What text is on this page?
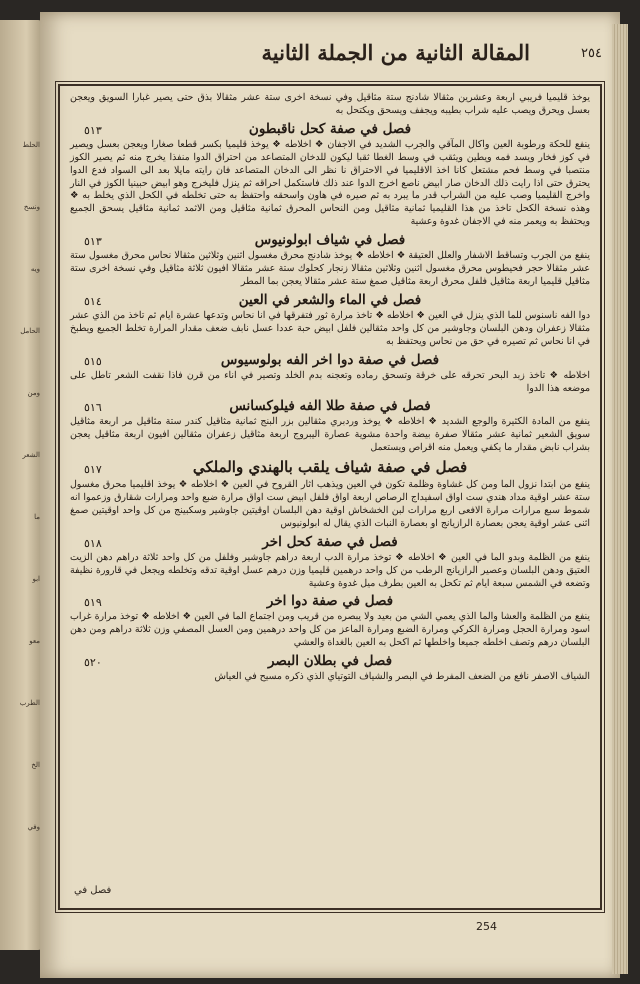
الحلط
ونسخ
ويه
الحامل
ومن
الشعر
ما
ابو
معو
الطرب
الخ
وفي
المقالة الثانية من الجملة الثانية	٢٥٤

يوخذ قليميا فريبي اربعة وعشرين مثقالا شادنج ستة مثاقيل وفي نسخة اخرى ستة عشر مثقالا بذق حتى يصير غبارا السويق ويعجن بعسل ويحرق ويصب عليه شراب بطيبه ويجفف ويسحق ويكتحل به

فصل في صفة كحل ناقبطون
٥١٣

ينفع للحكة ورطوبة العين واكال المآقي والجرب الشديد في الاجفان ❖ اخلاطه ❖ يوخذ قليميا بكسر قطعا صغارا ويعجن بعسل ويصير في كوز فخار ويسد فمه ويطين ويثقب في وسط الغطا ثقبا ليكون للدخان المتصاعد من احتراق الدوا منفذا يخرج منه ثم يصير الكوز منتصبا في وسط فحم مشتعل كانا اخذ الاقليميا في الاحتراق نا نظر الى الدخان المتصاعد فان رايته مايلا بعد الى السواد فدع الدوا يحترق حتى اذا رايت ذلك الدخان صار ابيض ناصع اخرج الدوا عند ذلك فاستكمل احراقه ثم ينزل فليخرج وهو ابيض حبينيا الكوز في النار واخرج القليميا وصب عليه من الشراب قدر ما يبرد به ثم صيره في هاون واسحقه واحتفظ به حتى تخلطه في الكحل الذي يخلط به ❖ وهذه نسخة الكحل تاخذ من هذا القليميا ثمانية مثاقيل ومن النحاس المحرق ثمانية مثاقيل ومن الاثمد ثمانية مثاقيل يسحق الجميع ويحتفظ به ويعمر منه في الاجفان غدوة وعشية

فصل في شياف ابولونيوس
٥١٣

ينفع من الجرب وتساقط الاشفار والعلل العتيقة ❖ اخلاطه ❖ يوخذ شادنج محرق مغسول اثنين وثلاثين مثقالا نحاس محرق مغسول ستة عشر مثقالا حجر فحيطوس محرق مغسول اثنين وثلاثين مثقالا زنجار كحلوك ستة عشر مثقالا افيون ثلاثة مثاقيل وفي نسخة اخرى ستة مثاقيل قليميا اربعة مثاقيل فلفل محرق اربعة مثاقيل صمغ ستة عشر مثقالا يعجن بما المطر

فصل في الماء والشعر في العين
٥١٤

دوا الفه ناسنوس للما الذي ينزل في العين ❖ اخلاطه ❖ تاخذ مرارة ثور فتفرقها في انا نحاس وتدعها عشرة ايام ثم تاخذ من الذي عشر مثقالا زعفران ودهن البلسان وجاوشير من كل واحد مثقالين فلفل ابيض حبة عددا عسل نابف ضعف مقدار المرارة تخلط الجميع ويطبخ في انا نحاس ثم تصيره في حق من نحاس ويحتفظ به

فصل في صفة دوا اخر الفه بولوسيوس
٥١٥

اخلاطه ❖ تاخذ زبد البحر تحرقه على خرقة وتسحق رماده وتعجنه بدم الخلد وتصير في اناء من قرن فاذا نقفت الشعر تاطل على موضعه هذا الدوا

فصل في صفة طلا الفه فيلوكسانس
٥١٦

ينفع من المادة الكثيرة والوجع الشديد ❖ اخلاطه ❖ يوخذ وردبري مثقالين بزر البنج ثمانية مثاقيل كندر ستة مثاقيل مر اربعة مثاقيل سويق الشعير ثمانية عشر مثقالا صفرة بيضة واحدة مشوية عصارة اليبروج اربعة مثاقيل زعفران مثقالين افيون اربعة مثاقيل يعجن بشراب نابض مقدار ما يكفي ويعمل منه اقراص ويستعمل

فصل في صفة شياف يلقب بالهندي والملكي
٥١٧

ينفع من ابتدا نزول الما ومن كل غشاوة وظلمة تكون في العين ويذهب اثار القروح في العين ❖ اخلاطه ❖ يوخذ اقليميا محرق مغسول ستة عشر اوقية مداد هندي ست اواق اسفيداج الرصاص اربعة اواق فلفل ابيض ست اواق مرارة ضبع واحد ومرارات شقارق وزعموا انه شموط سبع مرارات مرارة الافعى اربع مرارات لبن الخشخاش اوقية دهن البلسان اوقيتين جاوشير وسكبينج من كل واحد اوقيتين صمغ اثنى عشر اوقية يعجن بعصارة الرازيانج او بعصارة النبات الذي يقال له ابولونيوس

فصل في صفة كحل اخر
٥١٨

ينفع من الظلمة وبدو الما في العين ❖ اخلاطه ❖ توخذ مرارة الدب اربعة دراهم جاوشير وفلفل من كل واحد ثلاثة دراهم دهن الزيت العتيق ودهن البلسان وعصير الرازيانج الرطب من كل واحد درهمين قليميا وزن درهم عسل اوقية تدقه وتخلطه ويجعل في قارورة نظيفة وتضعه في الشمس سبعة ايام ثم تكحل به العين بطرف ميل غدوة وعشية

فصل في صفة دوا اخر
٥١٩

ينفع من الظلمة والعشا والما الذي يعمي الشي من بعيد ولا يبصره من قريب ومن اجتماع الما في العين ❖ اخلاطه ❖ توخذ مرارة غراب اسود ومرارة الحجل ومرارة الكركي ومرارة الضبع ومرارة الماعز من كل واحد درهمين ومن العسل المصفي وزن ثلاثة دراهم ومن دهن البلسان درهم وتصف اخلطه جميعا واخلطها ثم اكحل به العين بالغداة والعشي

فصل في بطلان البصر
٥٢٠

الشياف الاصفر نافع من الضعف المفرط في البصر والشياف التوتياي الذي ذكره مسيح في العياش

فصل في
254
